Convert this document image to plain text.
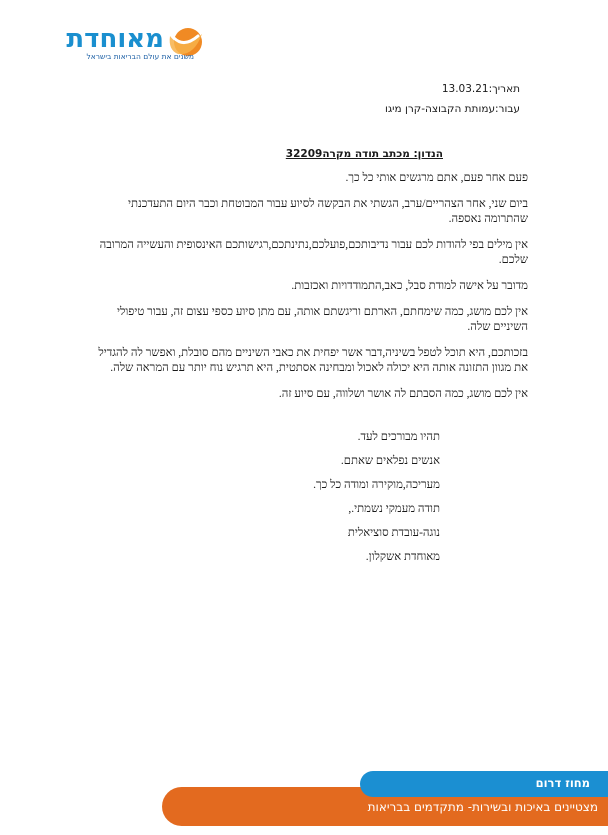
מאוחדת
משנים את עולם הבריאות בישראל
תאריך:13.03.21
עבור:עמותת הקבוצה-קרן מיגו
הנדון: מכתב תודה מקרה32209

פעם אחר פעם, אתם מרגשים אותי כל כך.

ביום שני, אחר הצהריים/ערב, הגשתי את הבקשה לסיוע עבור המבוטחת וכבר היום התעדכנתי שהתרומה נאספה.

אין מילים בפי להודות לכם עבור נדיבותכם,פועלכם,נתינתכם,רגישותכם האינסופית והעשייה המרובה שלכם.

מדובר על אישה למודת סבל, כאב,התמודדויות ואכזבות.

אין לכם מושג, כמה שימחתם, הארתם וריגשתם אותה, עם מתן סיוע כספי עצום זה, עבור טיפולי השיניים שלה.

בזכותכם, היא תוכל לטפל בשיניה,דבר אשר יפחית את כאבי השיניים מהם סובלת, ואפשר לה להגדיל את מגוון התזונה אותה היא יכולה לאכול ומבחינה אסתטית, היא תרגיש נוח יותר עם המראה שלה.

אין לכם מושג, כמה הסבתם לה אושר ושלווה, עם סיוע זה.

תהיו מבורכים לעד.
אנשים נפלאים שאתם.
מעריכה,מוקירה ומודה כל כך.
תודה מעמקי נשמתי.,
נוגה-עובדת סוציאלית
מאוחדת אשקלון.
מצטיינים באיכות ובשירות- מתקדמים בבריאות
מחוז דרום
